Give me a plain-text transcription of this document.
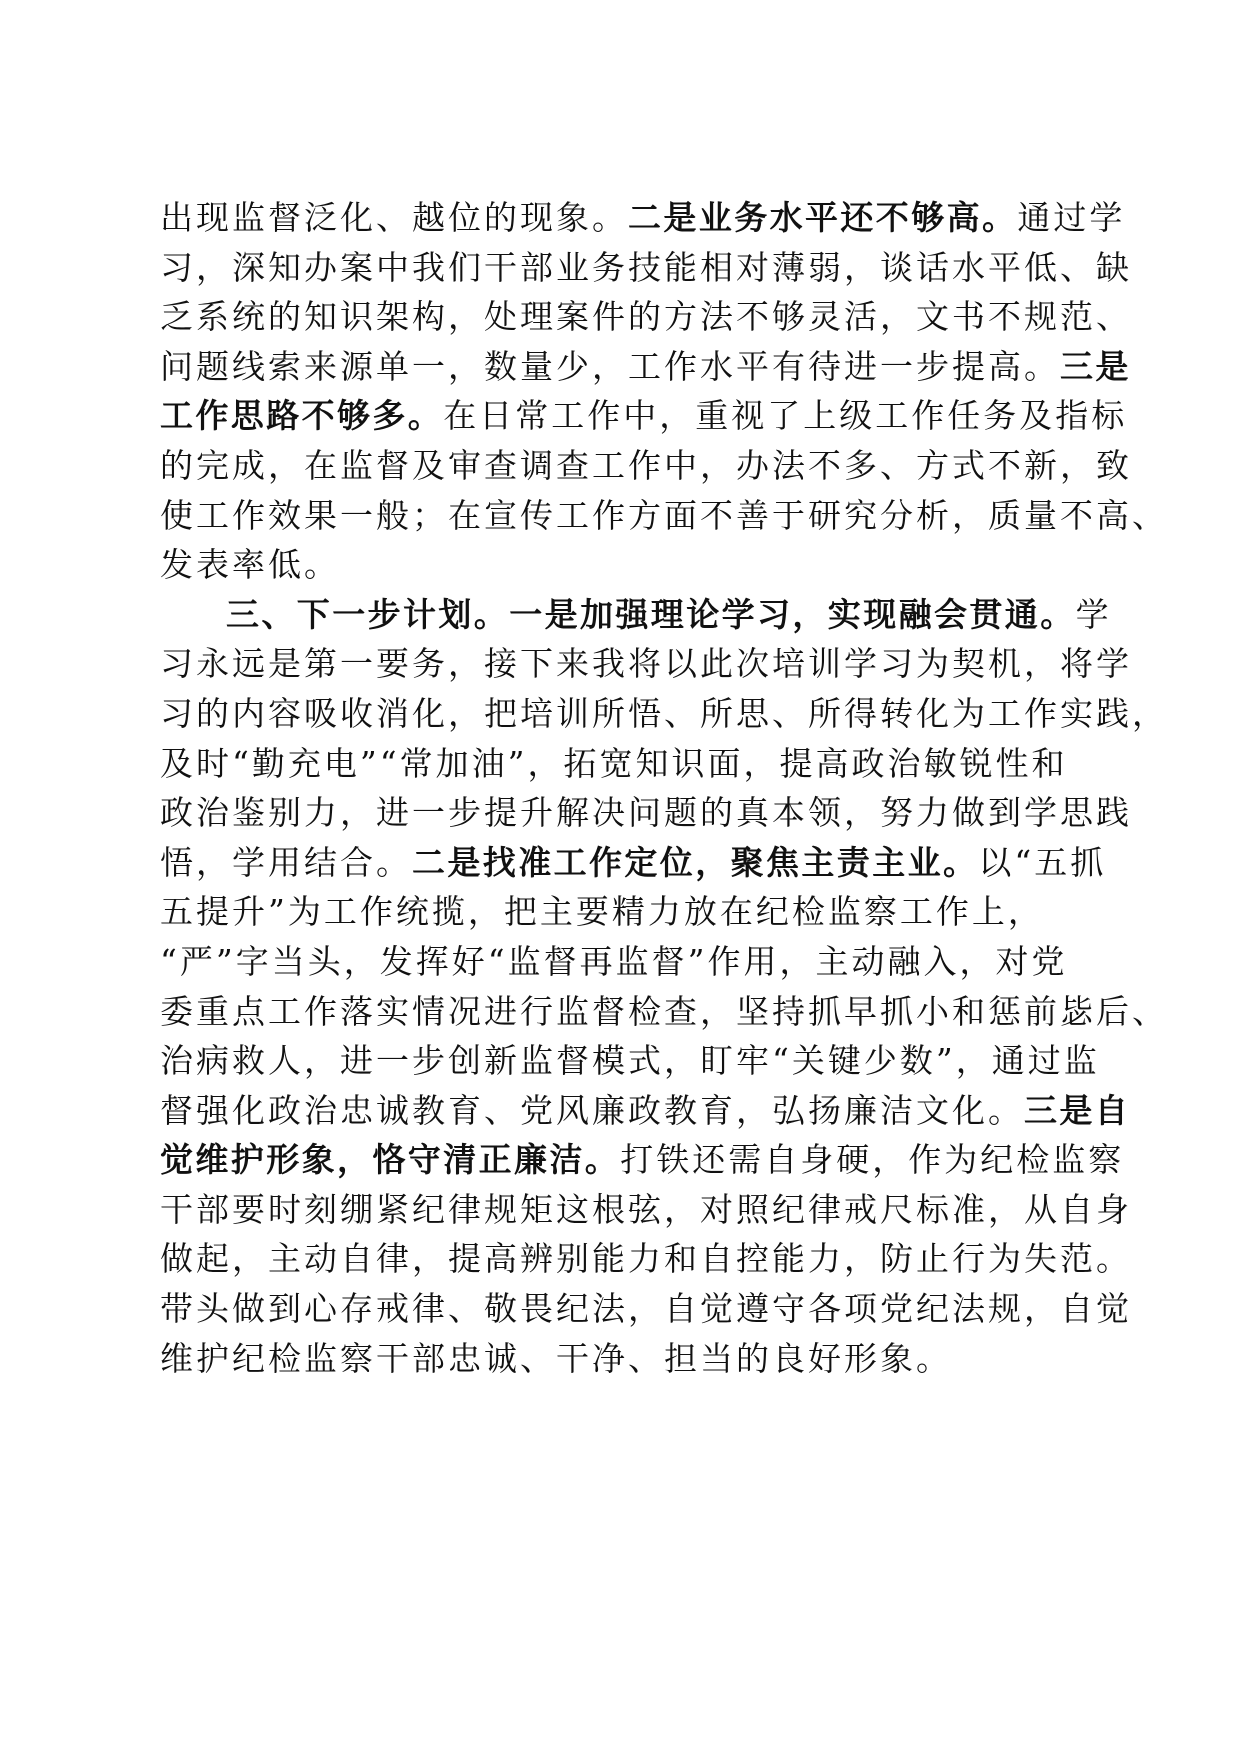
出现监督泛化、越位的现象。二是业务水平还不够高。通过学
习，深知办案中我们干部业务技能相对薄弱，谈话水平低、缺
乏系统的知识架构，处理案件的方法不够灵活，文书不规范、
问题线索来源单一，数量少，工作水平有待进一步提高。三是
工作思路不够多。在日常工作中，重视了上级工作任务及指标
的完成，在监督及审查调查工作中，办法不多、方式不新，致
使工作效果一般；在宣传工作方面不善于研究分析，质量不高、
发表率低。
三、下一步计划。一是加强理论学习，实现融会贯通。学
习永远是第一要务，接下来我将以此次培训学习为契机，将学
习的内容吸收消化，把培训所悟、所思、所得转化为工作实践，
及时“勤充电”“常加油”，拓宽知识面，提高政治敏锐性和
政治鉴别力，进一步提升解决问题的真本领，努力做到学思践
悟，学用结合。二是找准工作定位，聚焦主责主业。以“五抓
五提升”为工作统揽，把主要精力放在纪检监察工作上，
“严”字当头，发挥好“监督再监督”作用，主动融入，对党
委重点工作落实情况进行监督检查，坚持抓早抓小和惩前毖后、
治病救人，进一步创新监督模式，盯牢“关键少数”，通过监
督强化政治忠诚教育、党风廉政教育，弘扬廉洁文化。三是自
觉维护形象，恪守清正廉洁。打铁还需自身硬，作为纪检监察
干部要时刻绷紧纪律规矩这根弦，对照纪律戒尺标准，从自身
做起，主动自律，提高辨别能力和自控能力，防止行为失范。
带头做到心存戒律、敬畏纪法，自觉遵守各项党纪法规，自觉
维护纪检监察干部忠诚、干净、担当的良好形象。
